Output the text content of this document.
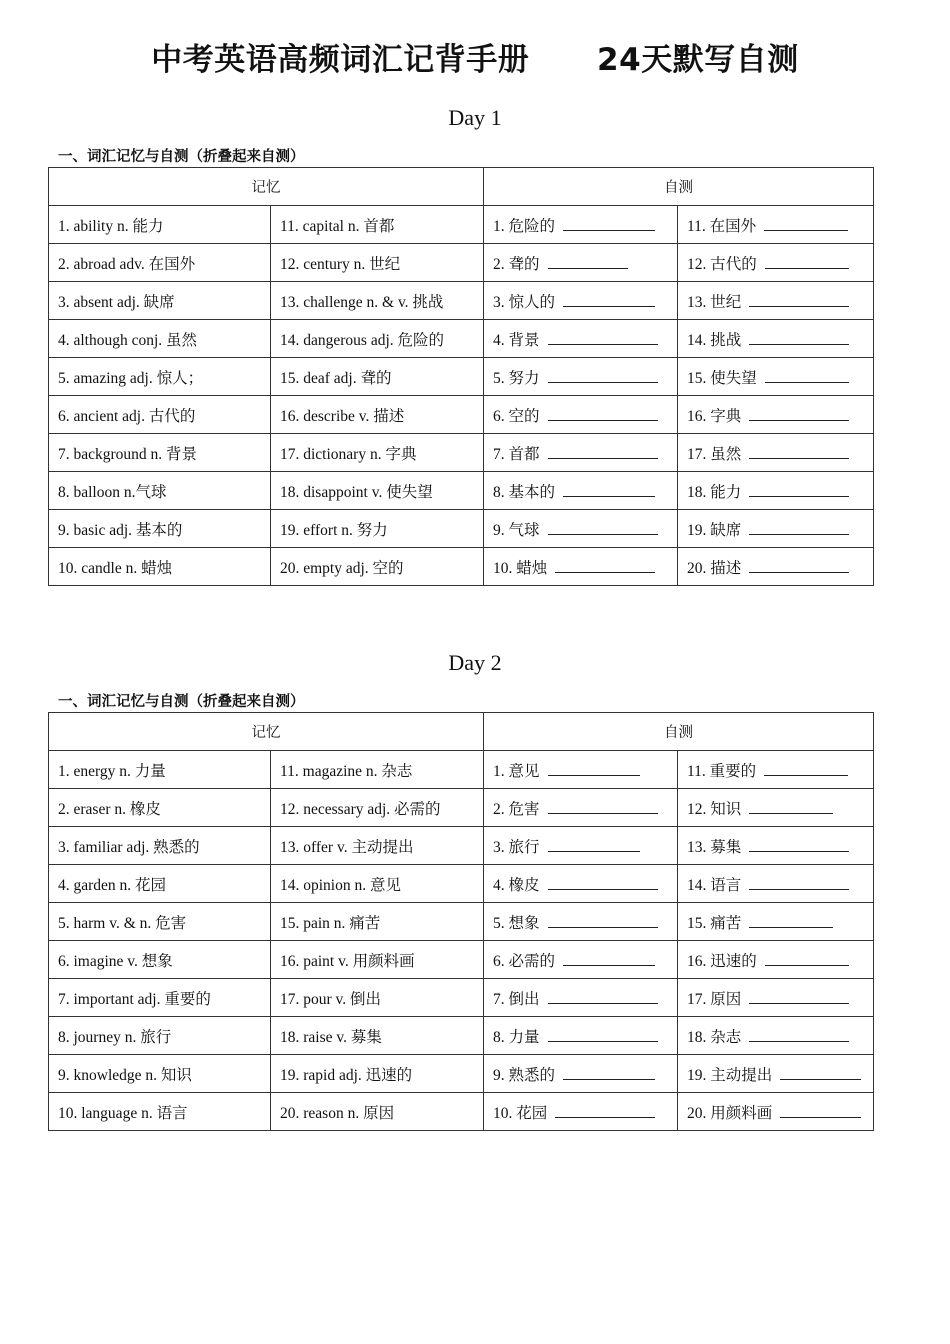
中考英语高频词汇记背手册      24天默写自测
Day 1
一、词汇记忆与自测（折叠起来自测）
记忆		自测	
1. ability n. 能力	11. capital n. 首都	1. 危险的	11. 在国外
2. abroad adv. 在国外	12. century n. 世纪	2. 聋的	12. 古代的
3. absent adj. 缺席	13. challenge n. & v. 挑战	3. 惊人的	13. 世纪
4. although conj. 虽然	14. dangerous adj. 危险的	4. 背景	14. 挑战
5. amazing adj. 惊人；	15. deaf adj. 聋的	5. 努力	15. 使失望
6. ancient adj. 古代的	16. describe v. 描述	6. 空的	16. 字典
7. background n. 背景	17. dictionary n. 字典	7. 首都	17. 虽然
8. balloon n.气球	18. disappoint v. 使失望	8. 基本的	18. 能力
9. basic adj. 基本的	19. effort n. 努力	9. 气球	19. 缺席
10. candle n. 蜡烛	20. empty adj. 空的	10. 蜡烛	20. 描述
Day 2
一、词汇记忆与自测（折叠起来自测）
记忆		自测	
1. energy n. 力量	11. magazine n. 杂志	1. 意见	11. 重要的
2. eraser n. 橡皮	12. necessary adj. 必需的	2. 危害	12. 知识
3. familiar adj. 熟悉的	13. offer v. 主动提出	3. 旅行	13. 募集
4. garden n. 花园	14. opinion n. 意见	4. 橡皮	14. 语言
5. harm v. & n. 危害	15. pain n. 痛苦	5. 想象	15. 痛苦
6. imagine v. 想象	16. paint v. 用颜料画	6. 必需的	16. 迅速的
7. important adj. 重要的	17. pour v. 倒出	7. 倒出	17. 原因
8. journey n. 旅行	18. raise v. 募集	8. 力量	18. 杂志
9. knowledge n. 知识	19. rapid adj. 迅速的	9. 熟悉的	19. 主动提出
10. language n. 语言	20. reason n. 原因	10. 花园	20. 用颜料画
